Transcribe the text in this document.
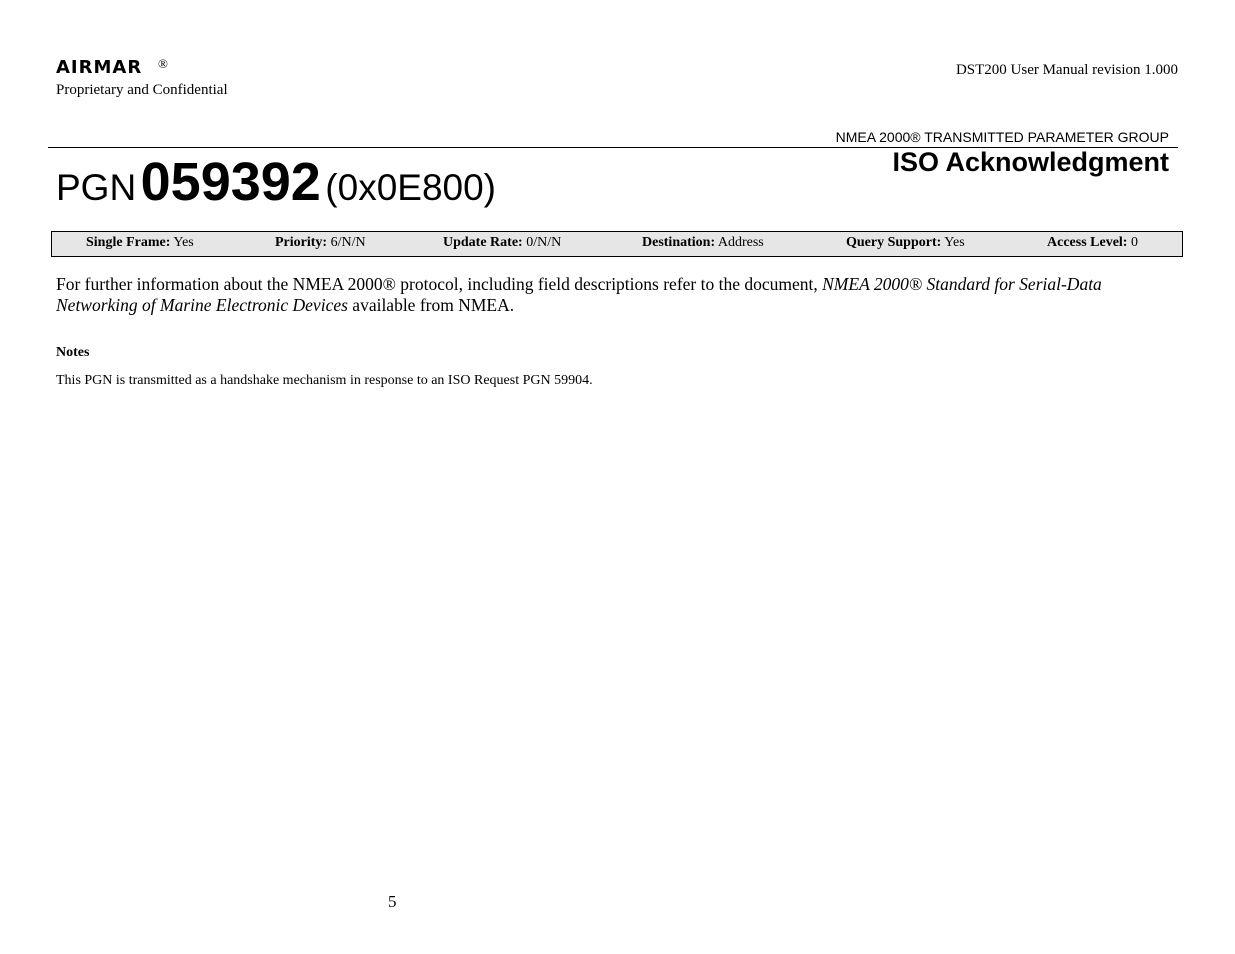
AIRMAR ®
Proprietary and Confidential
DST200 User Manual revision 1.000
NMEA 2000® TRANSMITTED PARAMETER GROUP
PGN 059392 (0x0E800)
ISO Acknowledgment
Single Frame: Yes	Priority: 6/N/N	Update Rate: 0/N/N	Destination: Address	Query Support: Yes	Access Level: 0
For further information about the NMEA 2000® protocol, including field descriptions refer to the document, NMEA 2000® Standard for Serial-Data Networking of Marine Electronic Devices available from NMEA.
Notes
This PGN is transmitted as a handshake mechanism in response to an ISO Request PGN 59904.
5
